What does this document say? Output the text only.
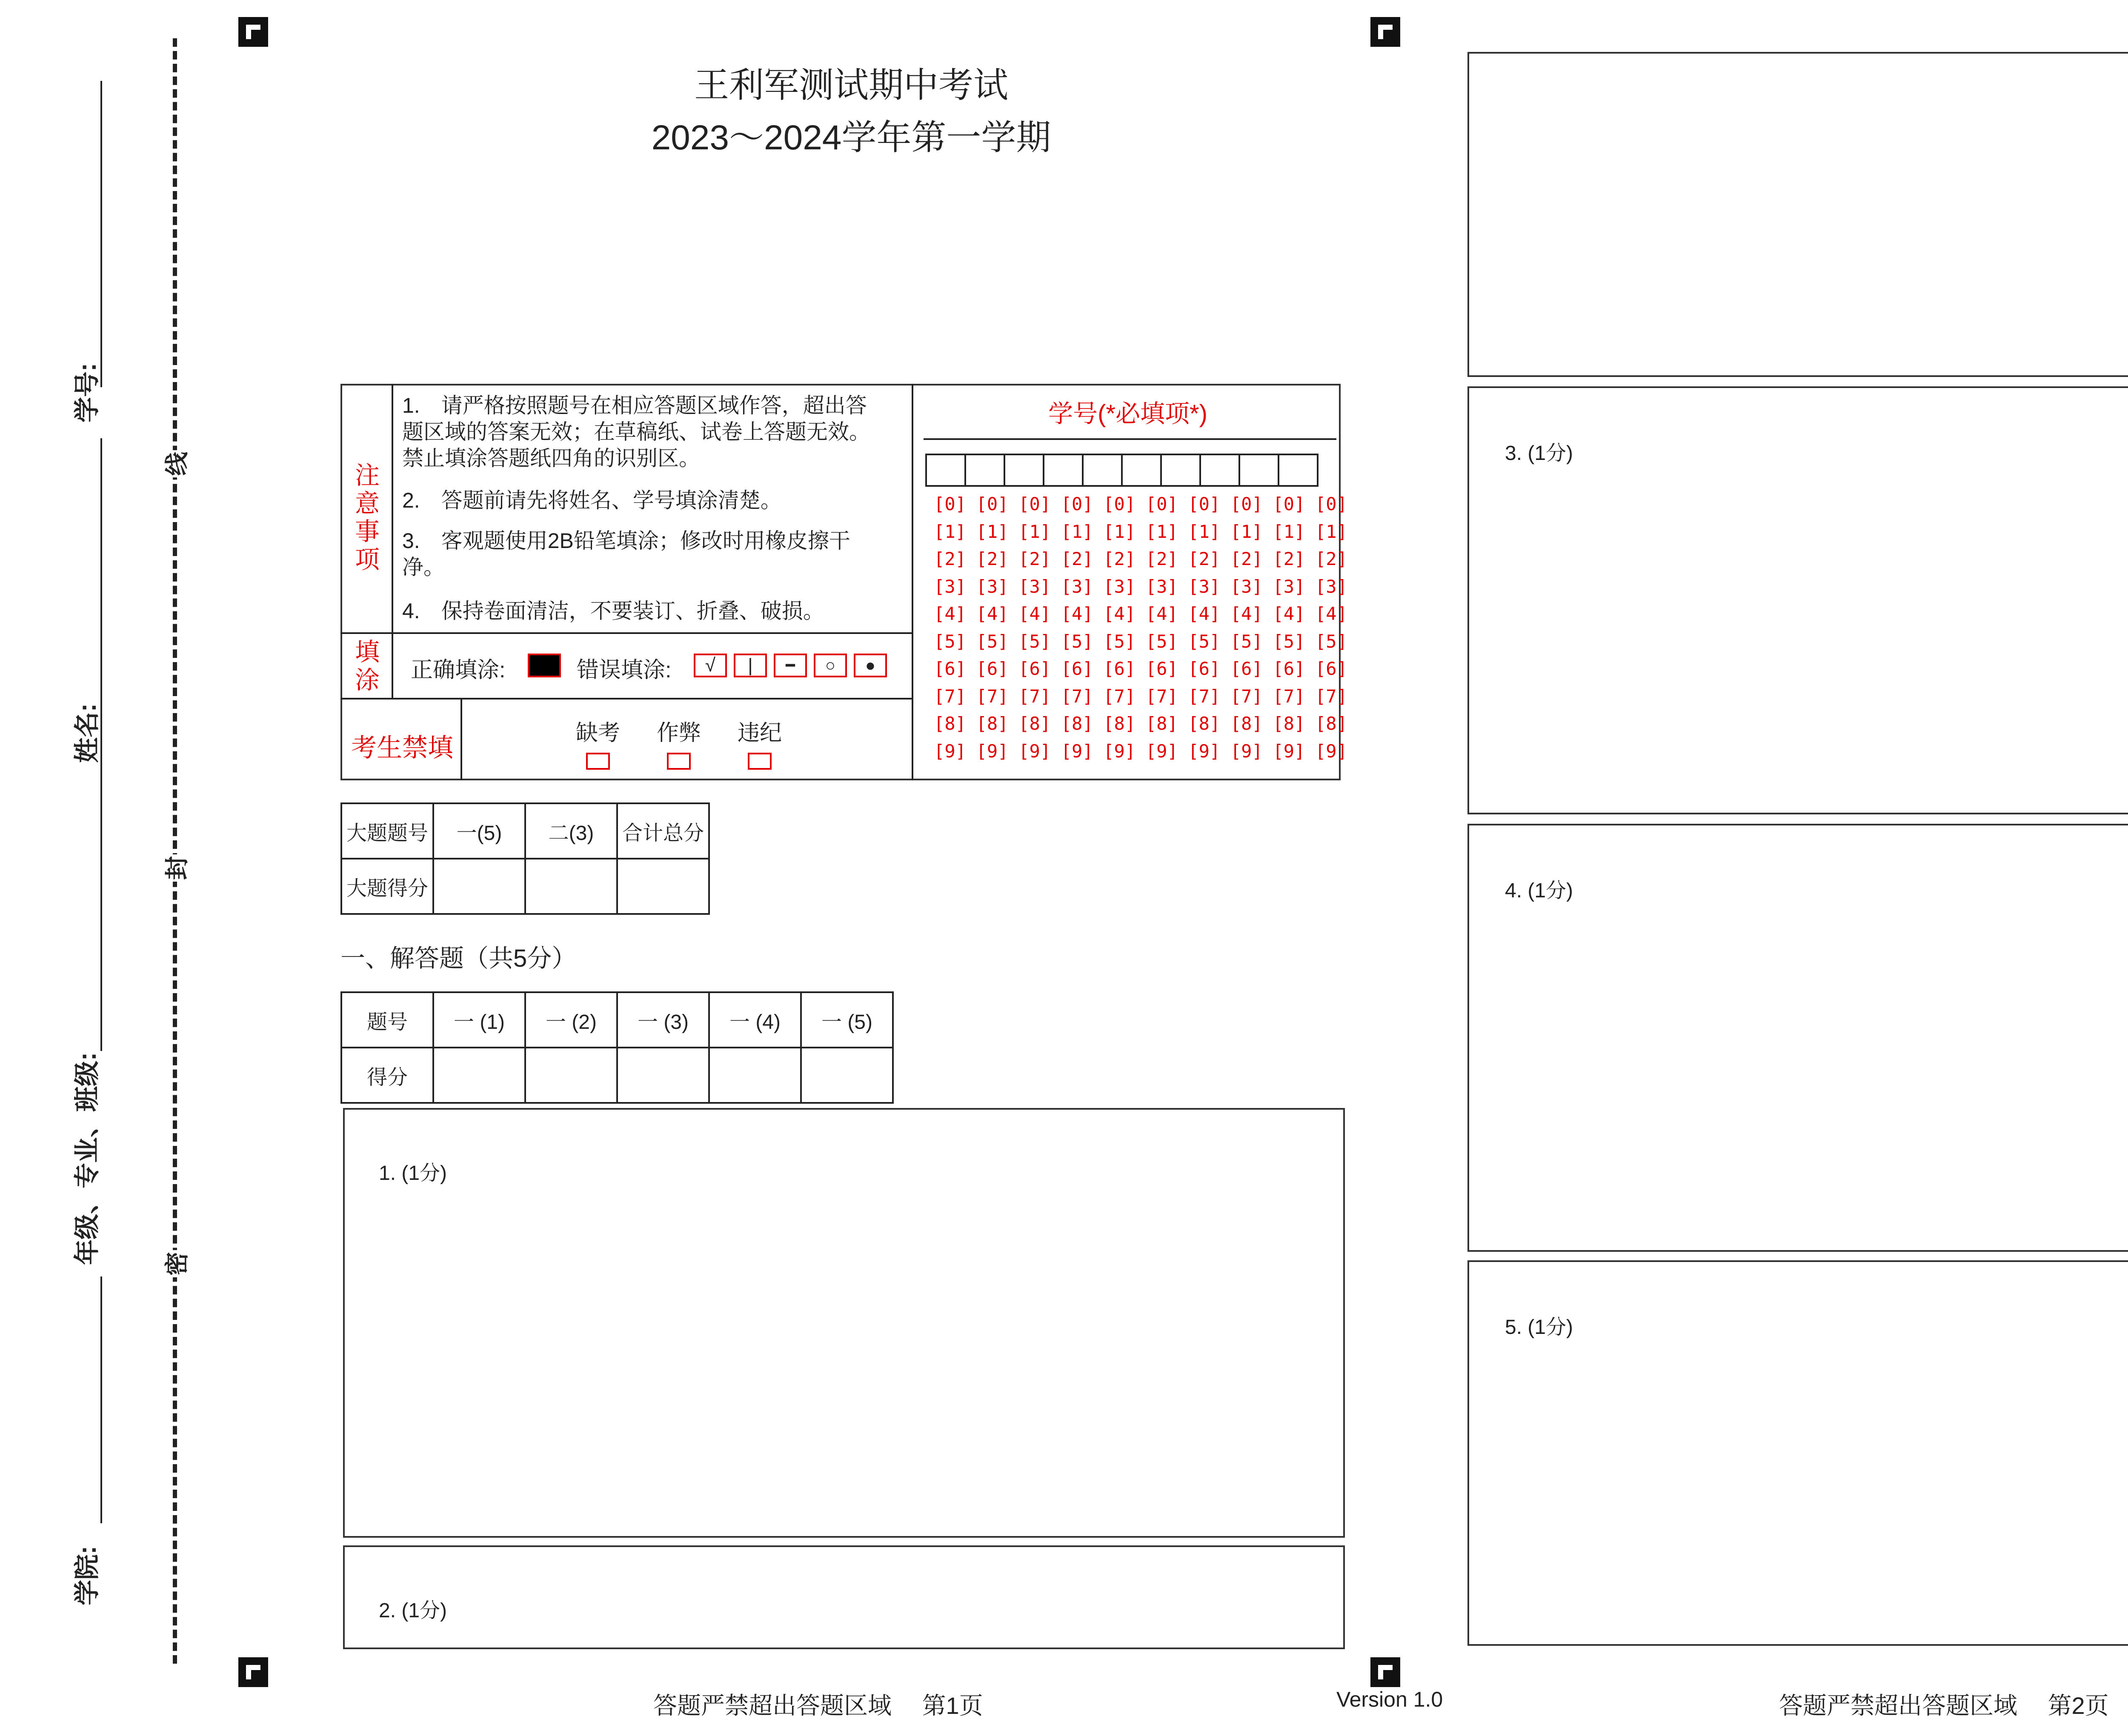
学号:
姓名:
年级、专业、班级:
学院:
线
封
密
王利军测试期中考试
2023～2024学年第一学期
注意事项
1.　请严格按照题号在相应答题区域作答，超出答题区域的答案无效；在草稿纸、试卷上答题无效。禁止填涂答题纸四角的识别区。
2.　答题前请先将姓名、学号填涂清楚。
3.　客观题使用2B铅笔填涂；修改时用橡皮擦干净。
4.　保持卷面清洁，不要装订、折叠、破损。
填涂 正确填涂:	错误填涂:	√	|	━	○	●
考生禁填
缺考 作弊 违纪
学号(*必填项*)
[0] [0] [0] [0] [0] [0] [0] [0] [0] [0]
[1] [1] [1] [1] [1] [1] [1] [1] [1] [1]
[2] [2] [2] [2] [2] [2] [2] [2] [2] [2]
[3] [3] [3] [3] [3] [3] [3] [3] [3] [3]
[4] [4] [4] [4] [4] [4] [4] [4] [4] [4]
[5] [5] [5] [5] [5] [5] [5] [5] [5] [5]
[6] [6] [6] [6] [6] [6] [6] [6] [6] [6]
[7] [7] [7] [7] [7] [7] [7] [7] [7] [7]
[8] [8] [8] [8] [8] [8] [8] [8] [8] [8]
[9] [9] [9] [9] [9] [9] [9] [9] [9] [9]
大题题号	一(5)	二(3)	合计总分
大题得分			
一、解答题（共5分）
题号	一 (1)	一 (2)	一 (3)	一 (4)	一 (5)
得分					
1. (1分)
2. (1分)
3. (1分)
4. (1分)
5. (1分)
答题严禁超出答题区域　 第1页	Version 1.0	答题严禁超出答题区域　 第2页
